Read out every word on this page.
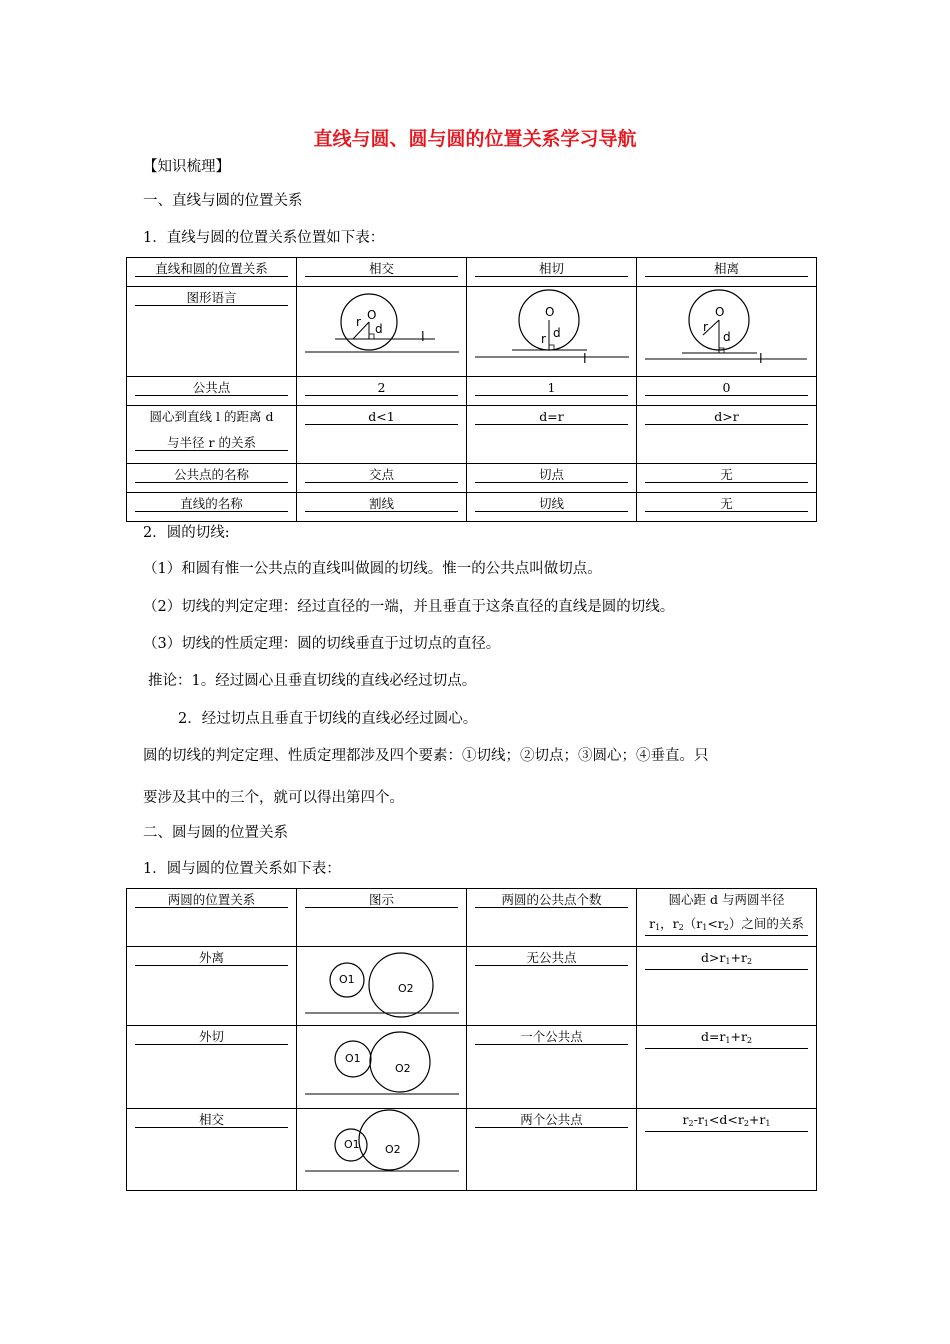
直线与圆、圆与圆的位置关系学习导航
【知识梳理】
一、直线与圆的位置关系
1．直线与圆的位置关系位置如下表：
直线和圆的位置关系	相交	相切	相离

图形语言	r O
d
l	O
r d
l	O
r
d
l

公共点	2	1	0

圆心到直线 l 的距离 d
与半径 r 的关系	d<1	d=r	d>r

公共点的名称	交点	切点	无

直线的名称	割线	切线	无
2．圆的切线:
（1）和圆有惟一公共点的直线叫做圆的切线。惟一的公共点叫做切点。
（2）切线的判定定理：经过直径的一端，并且垂直于这条直径的直线是圆的切线。
（3）切线的性质定理：圆的切线垂直于过切点的直径。
推论：1。经过圆心且垂直切线的直线必经过切点。
2．经过切点且垂直于切线的直线必经过圆心。
圆的切线的判定定理、性质定理都涉及四个要素：①切线；②切点；③圆心；④垂直。只
要涉及其中的三个，就可以得出第四个。
二、圆与圆的位置关系
1．圆与圆的位置关系如下表：
两圆的位置关系	图示	两圆的公共点个数	圆心距 d 与两圆半径
$r_1$，$r_2(r_1<r_2)$之间的关系

外离	O1
O2	无公共点	$d>r_1+r_2$

外切	O1
O2	一个公共点	$d=r_1+r_2$

相交	O1 O2	两个公共点	$r_2-r_1<d<r_2+r_1$
